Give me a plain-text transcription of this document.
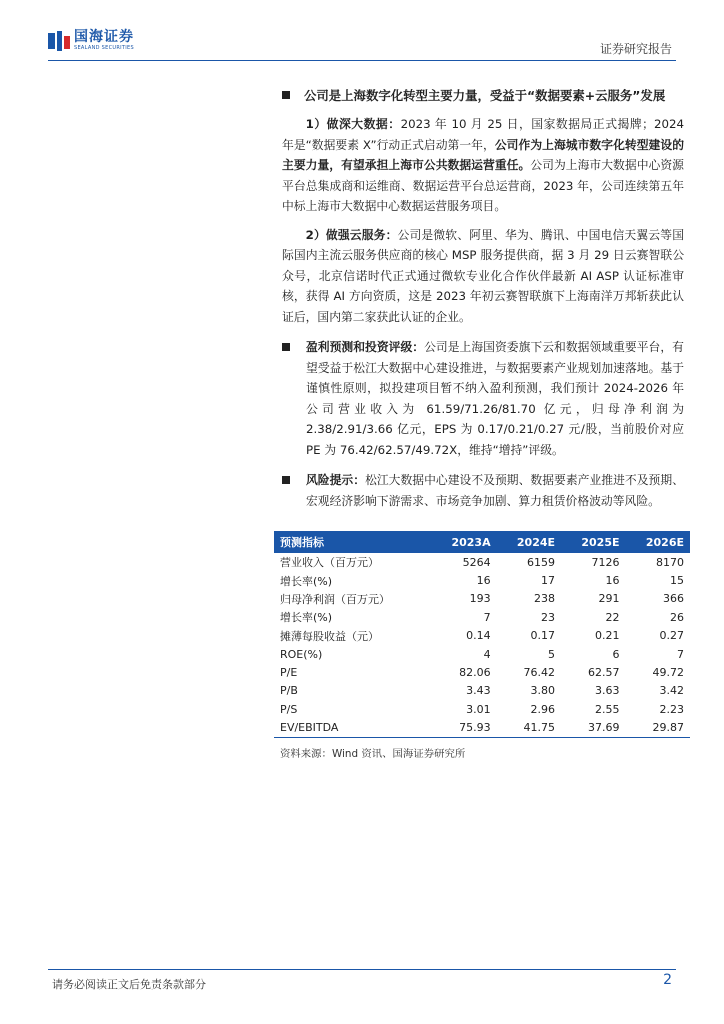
国海证券
SEALAND SECURITIES	证券研究报告
公司是上海数字化转型主要力量，受益于“数据要素+云服务”发展

1）做深大数据：2023 年 10 月 25 日，国家数据局正式揭牌；2024 年是“数据要素 X”行动正式启动第一年，公司作为上海城市数字化转型建设的主要力量，有望承担上海市公共数据运营重任。公司为上海市大数据中心资源平台总集成商和运维商、数据运营平台总运营商，2023 年，公司连续第五年中标上海市大数据中心数据运营服务项目。

2）做强云服务：公司是微软、阿里、华为、腾讯、中国电信天翼云等国际国内主流云服务供应商的核心 MSP 服务提供商，据 3 月 29 日云赛智联公众号，北京信诺时代正式通过微软专业化合作伙伴最新 AI ASP 认证标准审核，获得 AI 方向资质，这是 2023 年初云赛智联旗下上海南洋万邦斩获此认证后，国内第二家获此认证的企业。

盈利预测和投资评级：公司是上海国资委旗下云和数据领域重要平台，有望受益于松江大数据中心建设推进，与数据要素产业规划加速落地。基于谨慎性原则，拟投建项目暂不纳入盈利预测，我们预计 2024-2026 年公司营业收入为 61.59/71.26/81.70 亿元，归母净利润为 2.38/2.91/3.66 亿元，EPS 为 0.17/0.21/0.27 元/股，当前股价对应 PE 为 76.42/62.57/49.72X，维持“增持”评级。
风险提示：松江大数据中心建设不及预期、数据要素产业推进不及预期、宏观经济影响下游需求、市场竞争加剧、算力租赁价格波动等风险。
预测指标	2023A	2024E	2025E	2026E
营业收入（百万元）	5264	6159	7126	8170
增长率(%)	16	17	16	15
归母净利润（百万元）	193	238	291	366
增长率(%)	7	23	22	26
摊薄每股收益（元）	0.14	0.17	0.21	0.27
ROE(%)	4	5	6	7
P/E	82.06	76.42	62.57	49.72
P/B	3.43	3.80	3.63	3.42
P/S	3.01	2.96	2.55	2.23
EV/EBITDA	75.93	41.75	37.69	29.87
资料来源：Wind 资讯、国海证券研究所
请务必阅读正文后免责条款部分	2
